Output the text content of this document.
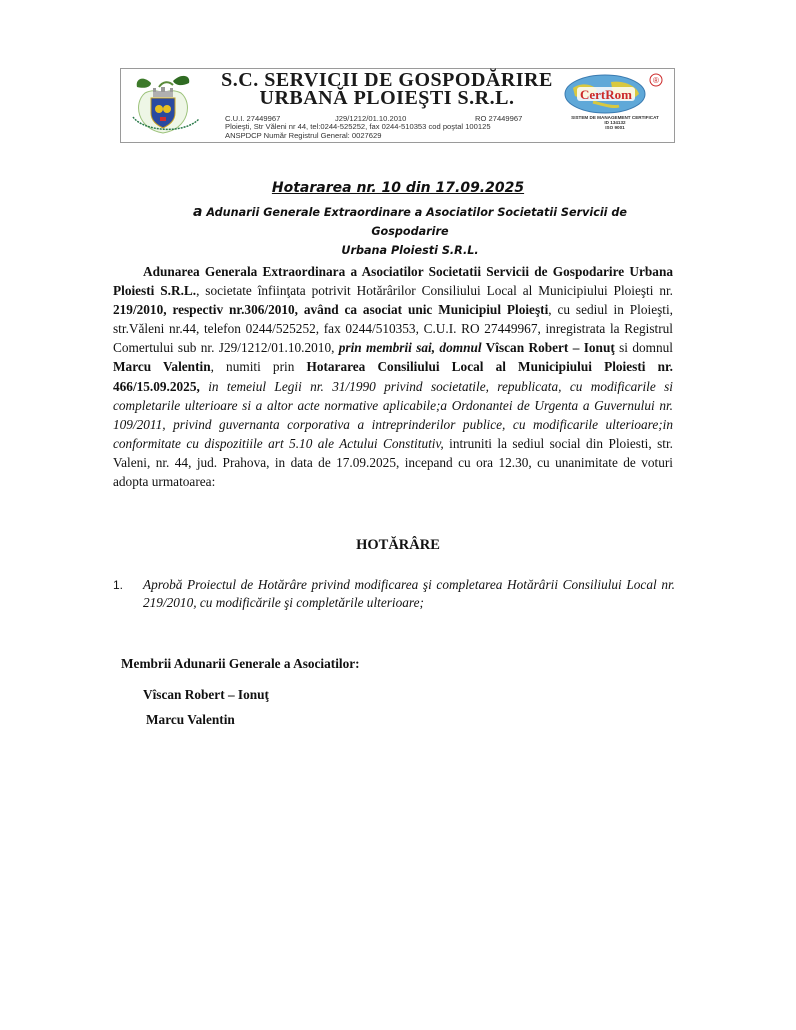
S.C. SERVICII DE GOSPODĂRIRE
URBANĂ PLOIEŞTI S.R.L.
C.U.I. 27449967	J29/1212/01.10.2010	RO 27449967
Ploieşti, Str Văleni nr 44, tel:0244-525252, fax 0244-510353 cod poştal 100125
ANSPDCP Număr Registrul General: 0027629
CertRom
®
SISTEM DE MANAGEMENT CERTIFICAT
ID 134132
ISO 9001
Hotararea nr. 10 din 17.09.2025
a Adunarii Generale Extraordinare a Asociatilor Societatii Servicii de Gospodarire
Urbana Ploiesti S.R.L.
Adunarea Generala Extraordinara a Asociatilor Societatii Servicii de Gospodarire Urbana Ploiesti S.R.L., societate înfiinţata potrivit Hotărârilor Consiliului Local al Municipiului Ploieşti nr. 219/2010, respectiv nr.306/2010, având ca asociat unic Municipiul Ploieşti, cu sediul in Ploieşti, str.Văleni nr.44, telefon 0244/525252, fax 0244/510353, C.U.I. RO 27449967, inregistrata la Registrul Comertului sub nr. J29/1212/01.10.2010, prin membrii sai, domnul Vîscan Robert – Ionuţ si domnul Marcu Valentin, numiti prin Hotararea Consiliului Local al Municipiului Ploiesti nr. 466/15.09.2025, in temeiul Legii nr. 31/1990 privind societatile, republicata, cu modificarile si completarile ulterioare si a altor acte normative aplicabile;a Ordonantei de Urgenta a Guvernului nr. 109/2011, privind guvernanta corporativa a intreprinderilor publice, cu modificarile ulterioare;in conformitate cu dispozitiile art 5.10 ale Actului Constitutiv, intruniti la sediul social din Ploiesti, str. Valeni, nr. 44, jud. Prahova, in data de 17.09.2025, incepand cu ora 12.30, cu unanimitate de voturi adopta urmatoarea:
HOTĂRÂRE
1. Aprobă Proiectul de Hotărâre privind modificarea şi completarea Hotărârii Consiliului Local nr. 219/2010, cu modificările şi completările ulterioare;
Membrii Adunarii Generale a Asociatilor:
Vîscan Robert – Ionuţ
Marcu Valentin
